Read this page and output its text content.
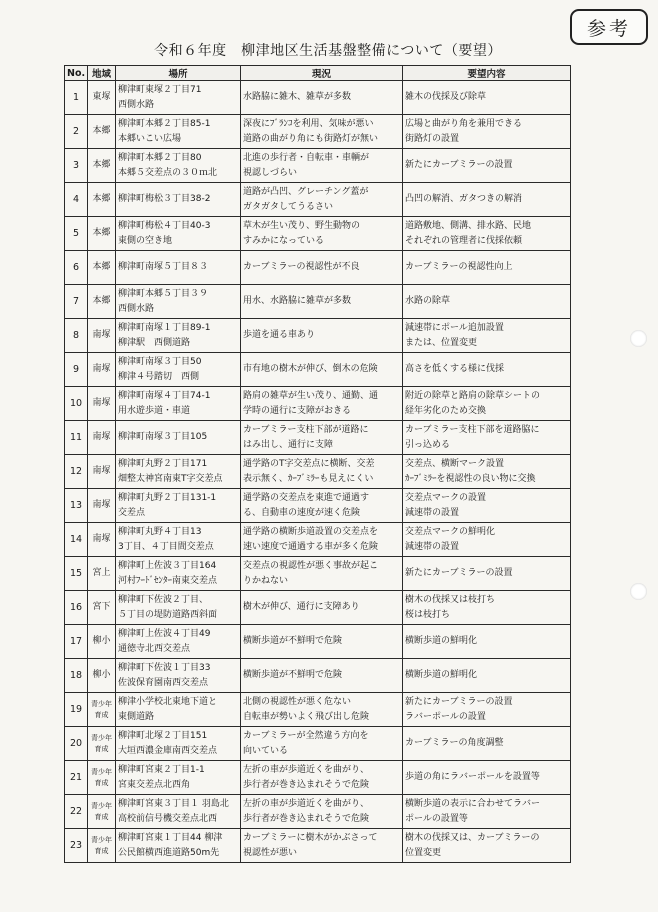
参考
令和６年度　柳津地区生活基盤整備について（要望）
No.	地域	場所	現況	要望内容
1	東塚	柳津町東塚２丁目71
西側水路	水路脇に雑木、雑草が多数	雑木の伐採及び除草

2	本郷	柳津町本郷２丁目85-1
本郷いこい広場	深夜にﾌﾞﾗﾝｺを利用、気味が悪い
道路の曲がり角にも街路灯が無い	広場と曲がり角を兼用できる
街路灯の設置

3	本郷	柳津町本郷２丁目80
本郷５交差点の３０ｍ北	北進の歩行者・自転車・車輌が
視認しづらい	新たにカーブミラーの設置

4	本郷	柳津町梅松３丁目38-2	道路が凸凹、グレーチング蓋が
ガタガタしてうるさい	凸凹の解消、ガタつきの解消

5	本郷	柳津町梅松４丁目40-3
東側の空き地	草木が生い茂り、野生動物の
すみかになっている	道路敷地、側溝、排水路、民地
それぞれの管理者に伐採依頼

6	本郷	柳津町南塚５丁目８３	カーブミラーの視認性が不良	カーブミラーの視認性向上

7	本郷	柳津町本郷５丁目３９
西側水路	用水、水路脇に雑草が多数	水路の除草

8	南塚	柳津町南塚１丁目89-1
柳津駅　西側道路	歩道を通る車あり	減速帯にポール追加設置
または、位置変更

9	南塚	柳津町南塚３丁目50
柳津４号踏切　西側	市有地の樹木が伸び、倒木の危険	高さを低くする様に伐採

10	南塚	柳津町南塚４丁目74-1
用水遊歩道・車道	路肩の雑草が生い茂り、通勤、通
学時の通行に支障がおきる	附近の除草と路肩の除草シートの
経年劣化のため交換

11	南塚	柳津町南塚３丁目105	カーブミラー支柱下部が道路に
はみ出し、通行に支障	カーブミラー支柱下部を道路脇に
引っ込める

12	南塚	柳津町丸野２丁目171
畑整太神宮南東T字交差点	通学路のT字交差点に横断、交差
表示無く、ｶｰﾌﾞﾐﾗｰも見えにくい	交差点、横断マーク設置
ｶｰﾌﾞﾐﾗｰを視認性の良い物に交換

13	南塚	柳津町丸野２丁目131-1
交差点	通学路の交差点を東進で通過す
る、自動車の速度が速く危険	交差点マークの設置
減速帯の設置

14	南塚	柳津町丸野４丁目13
3丁目、４丁目間交差点	通学路の横断歩道設置の交差点を
速い速度で通過する車が多く危険	交差点マークの鮮明化
減速帯の設置

15	宮上	柳津町上佐波３丁目164
河村ﾌｰﾄﾞｾﾝﾀｰ南東交差点	交差点の視認性が悪く事故が起こ
りかねない	新たにカーブミラーの設置

16	宮下	柳津町下佐波２丁目、
５丁目の堤防道路西斜面	樹木が伸び、通行に支障あり	樹木の伐採又は枝打ち
桜は枝打ち

17	柳小	柳津町上佐波４丁目49
通徳寺北西交差点	横断歩道が不鮮明で危険	横断歩道の鮮明化

18	柳小	柳津町下佐波１丁目33
佐波保育園南西交差点	横断歩道が不鮮明で危険	横断歩道の鮮明化

19	青少年育成	柳津小学校北東地下道と
東側道路	北側の視認性が悪く危ない
自転車が勢いよく飛び出し危険	新たにカーブミラーの設置
ラバーポールの設置

20	青少年育成	柳津町北塚２丁目151
大垣西濃金庫南西交差点	カーブミラーが全然違う方向を
向いている	カーブミラーの角度調整

21	青少年育成	柳津町宮東２丁目1-1
宮東交差点北西角	左折の車が歩道近くを曲がり、
歩行者が巻き込まれそうで危険	歩道の角にラバーポールを設置等

22	青少年育成	柳津町宮東３丁目１ 羽島北
高校前信号機交差点北西	左折の車が歩道近くを曲がり、
歩行者が巻き込まれそうで危険	横断歩道の表示に合わせてラバー
ポールの設置等

23	青少年育成	柳津町宮東１丁目44 柳津
公民館横西進道路50m先	カーブミラーに樹木がかぶさって
視認性が悪い	樹木の伐採又は、カーブミラーの
位置変更
